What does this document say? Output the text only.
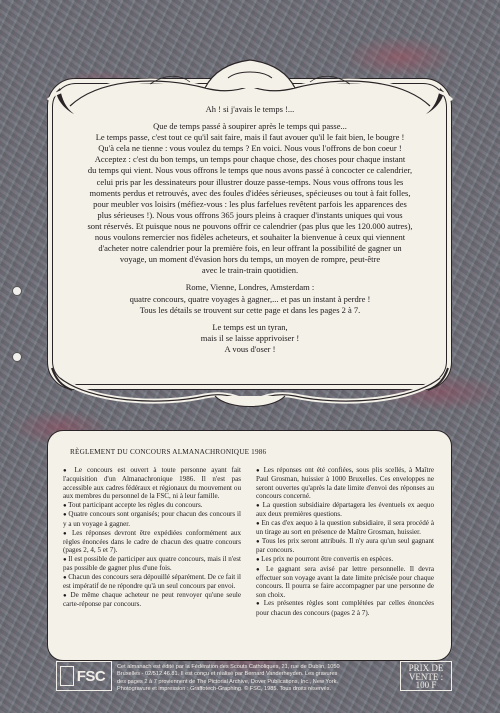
Ah ! si j'avais le temps !...

Que de temps passé à soupirer après le temps qui passe...

Le temps passe, c'est tout ce qu'il sait faire, mais il faut avouer qu'il le fait bien, le bougre !

Qu'à cela ne tienne : vous voulez du temps ? En voici. Nous vous l'offrons de bon coeur !

Acceptez : c'est du bon temps, un temps pour chaque chose, des choses pour chaque instant

du temps qui vient. Nous vous offrons le temps que nous avons passé à concocter ce calendrier,

celui pris par les dessinateurs pour illustrer douze passe-temps. Nous vous offrons tous les

moments perdus et retrouvés, avec des foules d'idées sérieuses, spécieuses ou tout à fait folles,

pour meubler vos loisirs (méfiez-vous : les plus farfelues revêtent parfois les apparences des

plus sérieuses !). Nous vous offrons 365 jours pleins à craquer d'instants uniques qui vous

sont réservés. Et puisque nous ne pouvons offrir ce calendrier (pas plus que les 120.000 autres),

nous voulons remercier nos fidèles acheteurs, et souhaiter la bienvenue à ceux qui viennent

d'acheter notre calendrier pour la première fois, en leur offrant la possibilité de gagner un

voyage, un moment d'évasion hors du temps, un moyen de rompre, peut-être

avec le train-train quotidien.

Rome, Vienne, Londres, Amsterdam :

quatre concours, quatre voyages à gagner,... et pas un instant à perdre !

Tous les détails se trouvent sur cette page et dans les pages 2 à 7.

Le temps est un tyran,

mais il se laisse apprivoiser !

A vous d'oser !

RÈGLEMENT DU CONCOURS ALMANACHRONIQUE 1986

● Le concours est ouvert à toute personne ayant fait l'acquisition d'un Almanachronique 1986. Il n'est pas accessible aux cadres fédéraux et régionaux du mouvement ou aux membres du personnel de la FSC, ni à leur famille.

● Tout participant accepte les règles du concours.

● Quatre concours sont organisés; pour chacun des concours il y a un voyage à gagner.

● Les réponses devront être expédiées conformément aux règles énoncées dans le cadre de chacun des quatre concours (pages 2, 4, 5 et 7).

● Il est possible de participer aux quatre concours, mais il n'est pas possible de gagner plus d'une fois.

● Chacun des concours sera dépouillé séparément. De ce fait il est impératif de ne répondre qu'à un seul concours par envoi.

● De même chaque acheteur ne peut renvoyer qu'une seule carte-réponse par concours.

● Les réponses ont été confiées, sous plis scellés, à Maître Paul Grosman, huissier à 1000 Bruxelles. Ces enveloppes ne seront ouvertes qu'après la date limite d'envoi des réponses au concours concerné.

● La question subsidiaire départagera les éventuels ex aequo aux deux premières questions.

● En cas d'ex aequo à la question subsidiaire, il sera procédé à un tirage au sort en présence de Maître Grosman, huissier.

● Tous les prix seront attribués. Il n'y aura qu'un seul gagnant par concours.

● Les prix ne pourront être convertis en espèces.

● Le gagnant sera avisé par lettre personnelle. Il devra effectuer son voyage avant la date limite précisée pour chaque concours. Il pourra se faire accompagner par une personne de son choix.

● Les présentes règles sont complétées par celles énoncées pour chacun des concours (pages 2 à 7).

FSC

Cet almanach est édité par la Fédération des Scouts Catholiques, 21, rue de Dublin, 1050

Bruxelles - 02/512.46.81. Il est conçu et réalisé par Bernard Vanderheyden. Les gravures

des pages 2 à 7 proviennent de The Pictorial Archive, Dover Publications, Inc., New York.

Photogravure et impression : Graffotech-Graphing. © FSC, 1985. Tous droits réservés.

PRIX DE
VENTE :
100 F
